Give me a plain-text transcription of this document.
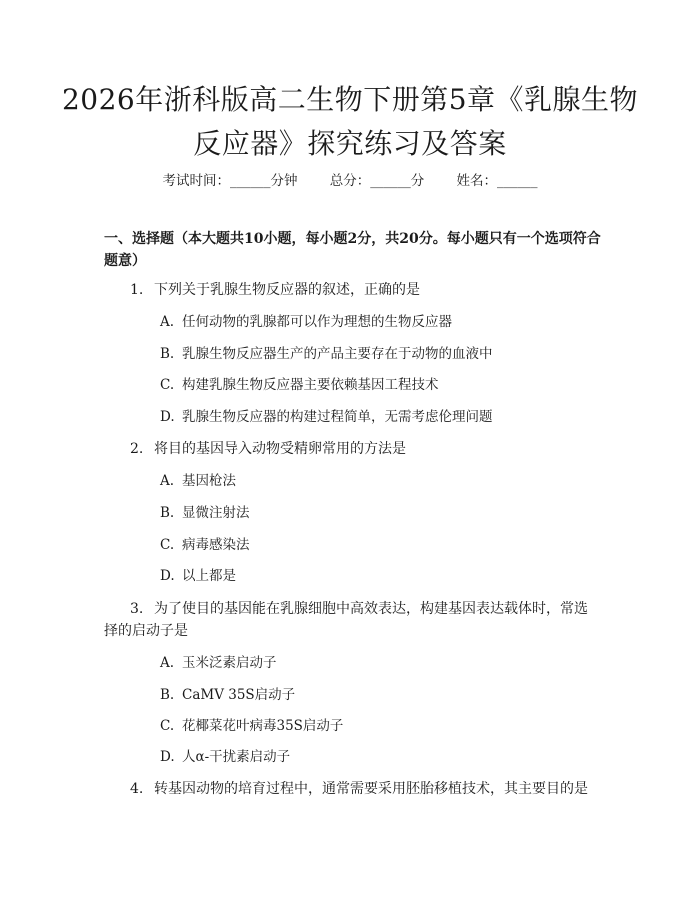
2026年浙科版高二生物下册第5章《乳腺生物反应器》探究练习及答案
考试时间：______分钟 总分：______分 姓名：______
一、选择题（本大题共10小题，每小题2分，共20分。每小题只有一个选项符合题意）
1. 下列关于乳腺生物反应器的叙述，正确的是
A. 任何动物的乳腺都可以作为理想的生物反应器
B. 乳腺生物反应器生产的产品主要存在于动物的血液中
C. 构建乳腺生物反应器主要依赖基因工程技术
D. 乳腺生物反应器的构建过程简单，无需考虑伦理问题
2. 将目的基因导入动物受精卵常用的方法是
A. 基因枪法
B. 显微注射法
C. 病毒感染法
D. 以上都是
3. 为了使目的基因能在乳腺细胞中高效表达，构建基因表达载体时，常选择的启动子是
A. 玉米泛素启动子
B. CaMV 35S启动子
C. 花椰菜花叶病毒35S启动子
D. 人α-干扰素启动子
4. 转基因动物的培育过程中，通常需要采用胚胎移植技术，其主要目的是
